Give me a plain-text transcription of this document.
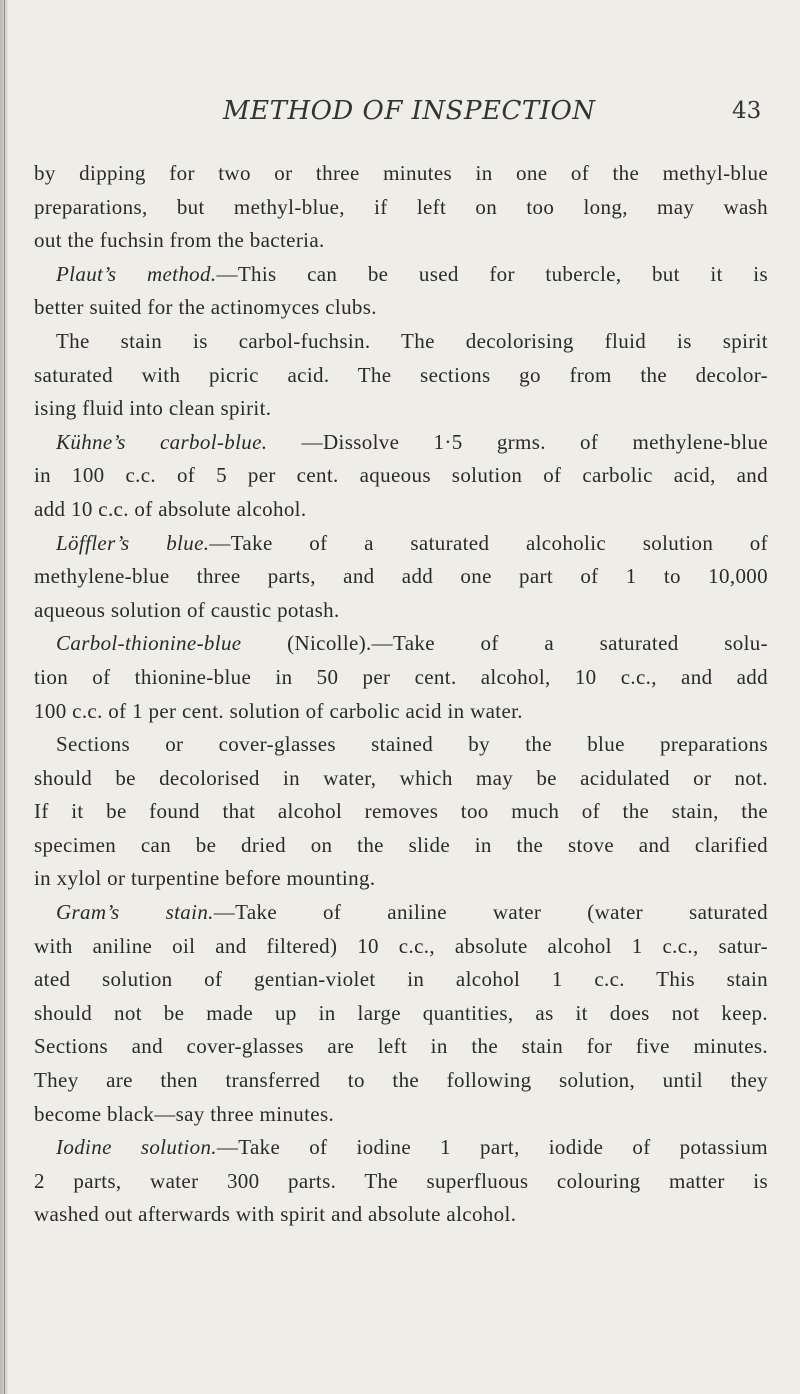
METHOD OF INSPECTION	43
by dipping for two or three minutes in one of the methyl-blue
preparations, but methyl-blue, if left on too long, may wash
out the fuchsin from the bacteria.
Plaut’s method.—This can be used for tubercle, but it is
better suited for the actinomyces clubs.
The stain is carbol-fuchsin. The decolorising fluid is spirit
saturated with picric acid. The sections go from the decolor-
ising fluid into clean spirit.
Kühne’s carbol-blue. —Dissolve 1·5 grms. of methylene-blue
in 100 c.c. of 5 per cent. aqueous solution of carbolic acid, and
add 10 c.c. of absolute alcohol.
Löffler’s blue.—Take of a saturated alcoholic solution of
methylene-blue three parts, and add one part of 1 to 10,000
aqueous solution of caustic potash.
Carbol-thionine-blue (Nicolle).—Take of a saturated solu-
tion of thionine-blue in 50 per cent. alcohol, 10 c.c., and add
100 c.c. of 1 per cent. solution of carbolic acid in water.
Sections or cover-glasses stained by the blue preparations
should be decolorised in water, which may be acidulated or not.
If it be found that alcohol removes too much of the stain, the
specimen can be dried on the slide in the stove and clarified
in xylol or turpentine before mounting.
Gram’s stain.—Take of aniline water (water saturated
with aniline oil and filtered) 10 c.c., absolute alcohol 1 c.c., satur-
ated solution of gentian-violet in alcohol 1 c.c. This stain
should not be made up in large quantities, as it does not keep.
Sections and cover-glasses are left in the stain for five minutes.
They are then transferred to the following solution, until they
become black—say three minutes.
Iodine solution.—Take of iodine 1 part, iodide of potassium
2 parts, water 300 parts. The superfluous colouring matter is
washed out afterwards with spirit and absolute alcohol.
